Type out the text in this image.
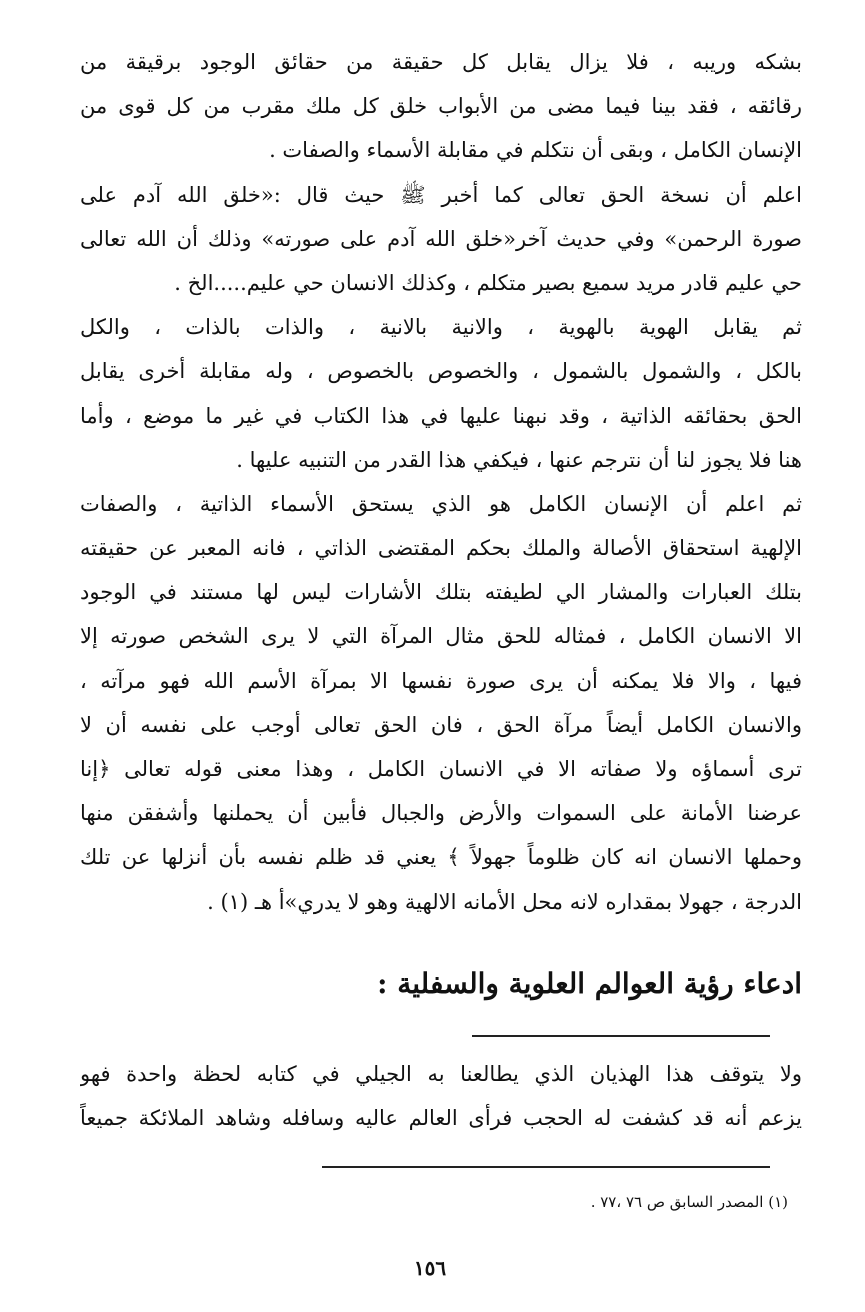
بشكه وريبه ، فلا يزال يقابل كل حقيقة من حقائق الوجود برقيقة من
رقائقه ، فقد بينا فيما مضى من الأبواب خلق كل ملك مقرب من كل قوى من
الإنسان الكامل ، وبقى أن نتكلم في مقابلة الأسماء والصفات .
اعلم أن نسخة الحق تعالى كما أخبر ﷺ حيث قال :«خلق الله آدم على
صورة الرحمن» وفي حديث آخر«خلق الله آدم على صورته» وذلك أن الله تعالى
حي عليم قادر مريد سميع بصير متكلم ، وكذلك الانسان حي عليم.....الخ .
ثم يقابل الهوية بالهوية ، والانية بالانية ، والذات بالذات ، والكل
بالكل ، والشمول بالشمول ، والخصوص بالخصوص ، وله مقابلة أخرى يقابل
الحق بحقائقه الذاتية ، وقد نبهنا عليها في هذا الكتاب في غير ما موضع ، وأما
هنا فلا يجوز لنا أن نترجم عنها ، فيكفي هذا القدر من التنبيه عليها .
ثم اعلم أن الإنسان الكامل هو الذي يستحق الأسماء الذاتية ، والصفات
الإلهية استحقاق الأصالة والملك بحكم المقتضى الذاتي ، فانه المعبر عن حقيقته
بتلك العبارات والمشار الي لطيفته بتلك الأشارات ليس لها مستند في الوجود
الا الانسان الكامل ، فمثاله للحق مثال المرآة التي لا يرى الشخص صورته إلا
فيها ، والا فلا يمكنه أن يرى صورة نفسها الا بمرآة الأسم الله فهو مرآته ،
والانسان الكامل أيضاً مرآة الحق ، فان الحق تعالى أوجب على نفسه أن لا
ترى أسماؤه ولا صفاته الا في الانسان الكامل ، وهذا معنى قوله تعالى ﴿إنا
عرضنا الأمانة على السموات والأرض والجبال فأبين أن يحملنها وأشفقن منها
وحملها الانسان انه كان ظلوماً جهولاً ﴾ يعني قد ظلم نفسه بأن أنزلها عن تلك
الدرجة ، جهولا بمقداره لانه محل الأمانه الالهية وهو لا يدري»أ هـ (١) .
ادعاء رؤية العوالم العلوية والسفلية :
ولا يتوقف هذا الهذيان الذي يطالعنا به الجيلي في كتابه لحظة واحدة فهو
يزعم أنه قد كشفت له الحجب فرأى العالم عاليه وسافله وشاهد الملائكة جميعاً
(١) المصدر السابق ص ٧٦ ،٧٧ .
١٥٦
